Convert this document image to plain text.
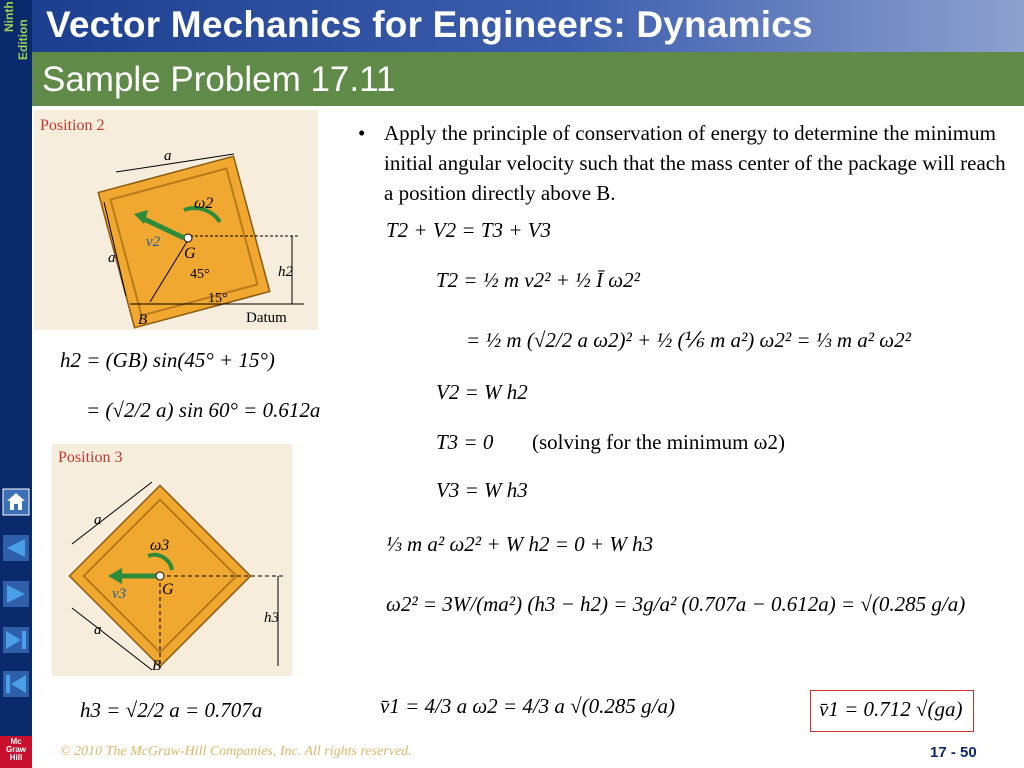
Ninth
Edition
Mc
Graw
Hill
Vector Mechanics for Engineers: Dynamics
Sample Problem 17.11
Position 2
a
a
Datum
B
h2
G
45°
15°
v2
ω2
h2 = (GB) sin(45° + 15°)
= (√2/2 a) sin 60° = 0.612a
Position 3
a
a
h3
G
B
v3
ω3
h3 = √2/2 a = 0.707a
• Apply the principle of conservation of energy to determine the minimum initial angular velocity such that the mass center of the package will reach a position directly above B.
T2 + V2 = T3 + V3
T2 = ½ m v2² + ½ Ī ω2²
= ½ m (√2/2 a ω2)² + ½ (⅙ m a²) ω2² = ⅓ m a² ω2²
V2 = W h2
T3 = 0 (solving for the minimum ω2)
V3 = W h3
⅓ m a² ω2² + W h2 = 0 + W h3
ω2² = 3W/(ma²) (h3 − h2) = 3g/a² (0.707a − 0.612a) = √(0.285 g/a)
v̄1 = 4/3 a ω2 = 4/3 a √(0.285 g/a)	v̄1 = 0.712 √(ga)
© 2010 The McGraw-Hill Companies, Inc. All rights reserved.	17 - 50
